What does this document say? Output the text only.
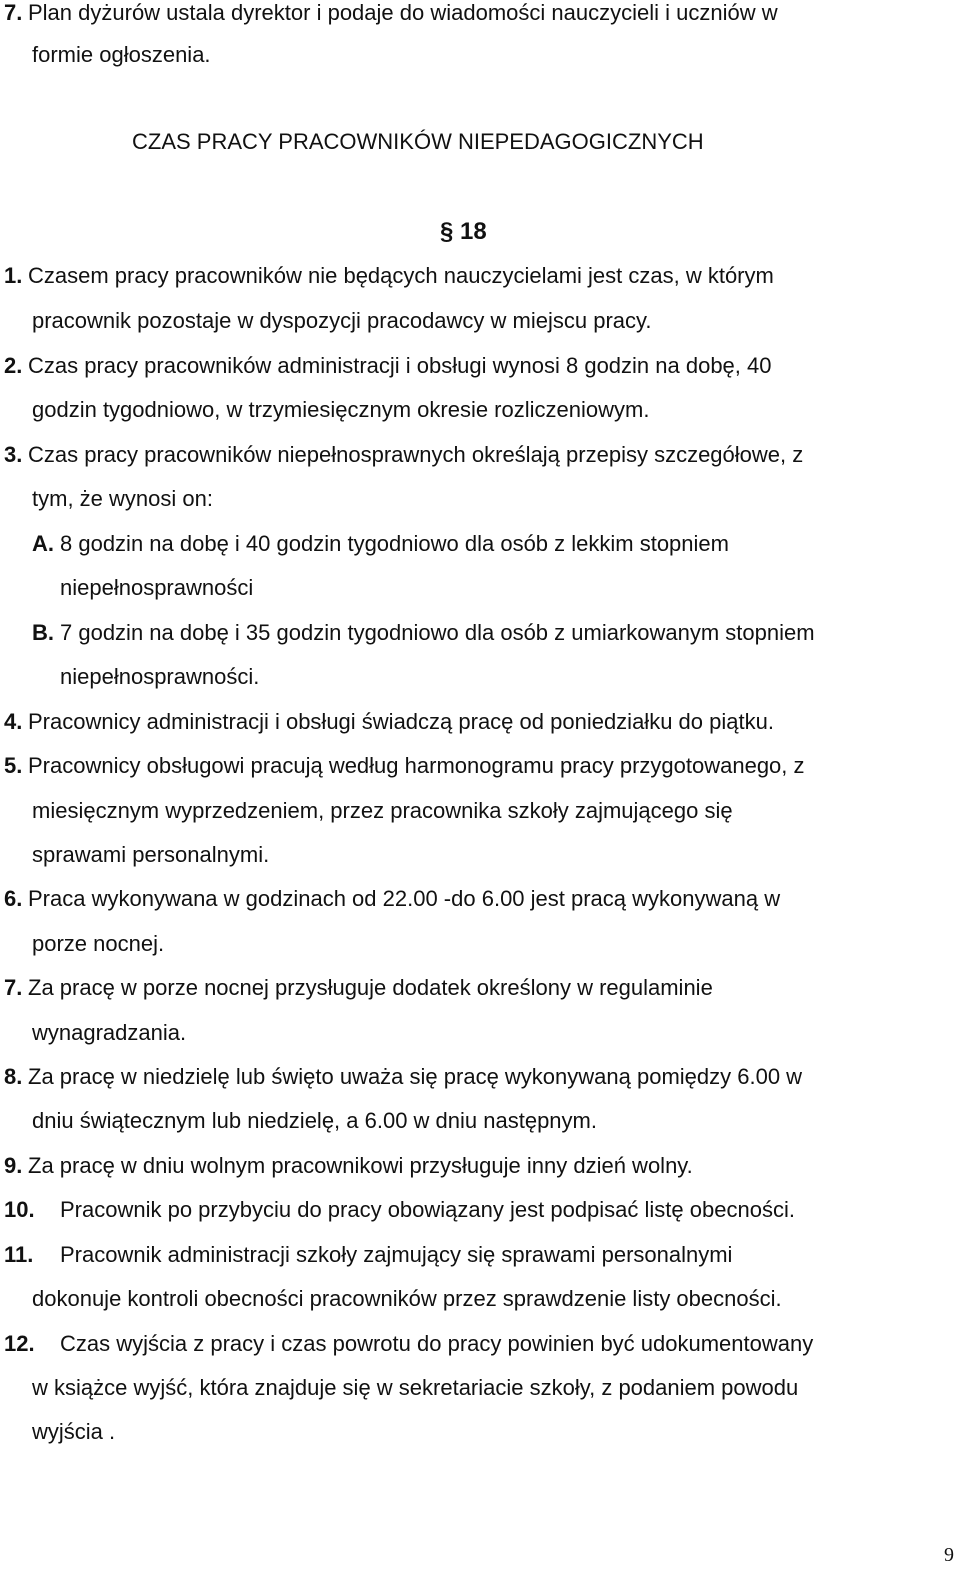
7. Plan dyżurów ustala dyrektor i podaje do wiadomości nauczycieli i uczniów w
formie ogłoszenia.
CZAS PRACY PRACOWNIKÓW NIEPEDAGOGICZNYCH
§ 18
1. Czasem pracy pracowników nie będących nauczycielami jest czas, w którym
pracownik pozostaje w dyspozycji pracodawcy w miejscu pracy.
2. Czas pracy pracowników administracji i obsługi wynosi 8 godzin na dobę, 40
godzin tygodniowo, w trzymiesięcznym okresie rozliczeniowym.
3. Czas pracy pracowników niepełnosprawnych określają przepisy szczegółowe, z
tym, że wynosi on:
A. 8 godzin na dobę i 40 godzin tygodniowo dla osób z lekkim stopniem
niepełnosprawności
B. 7 godzin na dobę i 35 godzin tygodniowo dla osób z umiarkowanym stopniem
niepełnosprawności.
4. Pracownicy administracji i obsługi świadczą pracę od poniedziałku do piątku.
5. Pracownicy obsługowi pracują według harmonogramu pracy przygotowanego, z
miesięcznym wyprzedzeniem, przez pracownika szkoły zajmującego się
sprawami personalnymi.
6. Praca wykonywana w godzinach od 22.00 -do 6.00 jest pracą wykonywaną w
porze nocnej.
7. Za pracę w porze nocnej przysługuje dodatek określony w regulaminie
wynagradzania.
8. Za pracę w niedzielę lub święto uważa się pracę wykonywaną pomiędzy 6.00 w
dniu świątecznym lub niedzielę, a 6.00 w dniu następnym.
9. Za pracę w dniu wolnym pracownikowi przysługuje inny dzień wolny.
10. Pracownik po przybyciu do pracy obowiązany jest podpisać listę obecności.
11. Pracownik administracji szkoły zajmujący się sprawami personalnymi
dokonuje kontroli obecności pracowników przez sprawdzenie listy obecności.
12. Czas wyjścia z pracy i czas powrotu do pracy powinien być udokumentowany
w książce wyjść, która znajduje się w sekretariacie szkoły, z podaniem powodu
wyjścia .
9
